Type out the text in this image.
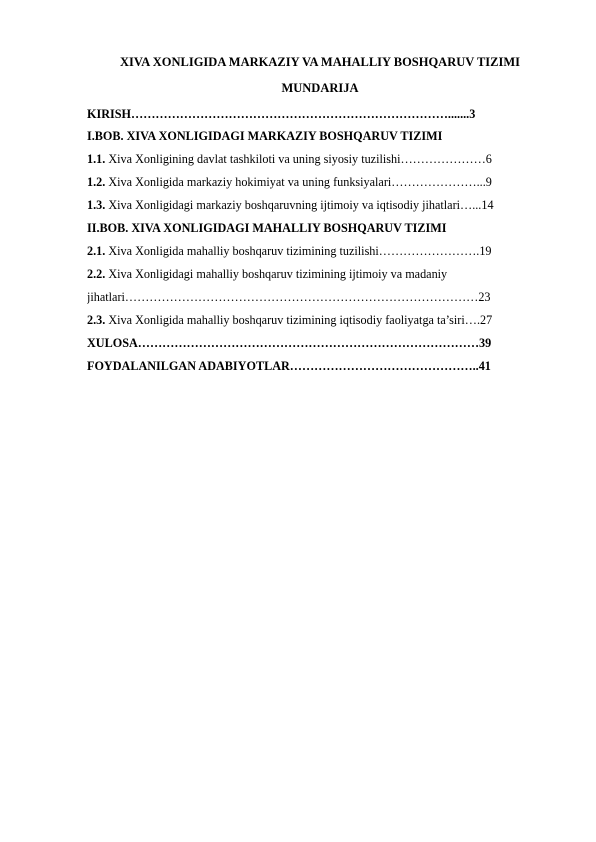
XIVA XONLIGIDA MARKAZIY VA MAHALLIY BOSHQARUV TIZIMI
MUNDARIJA
KIRISH…………………………………………………………………….......3
I.BOB. XIVA XONLIGIDAGI MARKAZIY BOSHQARUV TIZIMI
1.1. Xiva Xonligining davlat tashkiloti va uning siyosiy tuzilishi…………………6
1.2. Xiva Xonligida markaziy hokimiyat va uning funksiyalari…………………...9
1.3. Xiva Xonligidagi markaziy boshqaruvning ijtimoiy va iqtisodiy jihatlari…...14
II.BOB. XIVA XONLIGIDAGI MAHALLIY BOSHQARUV TIZIMI
2.1. Xiva Xonligida mahalliy boshqaruv tizimining tuzilishi…………………….19
2.2. Xiva Xonligidagi mahalliy boshqaruv tizimining ijtimoiy va madaniy
jihatlari……………………………………………………………………………23
2.3. Xiva Xonligida mahalliy boshqaruv tizimining iqtisodiy faoliyatga ta’siri….27
XULOSA…………………………………………………………………………39
FOYDALANILGAN ADABIYOTLAR………………………………………..41
